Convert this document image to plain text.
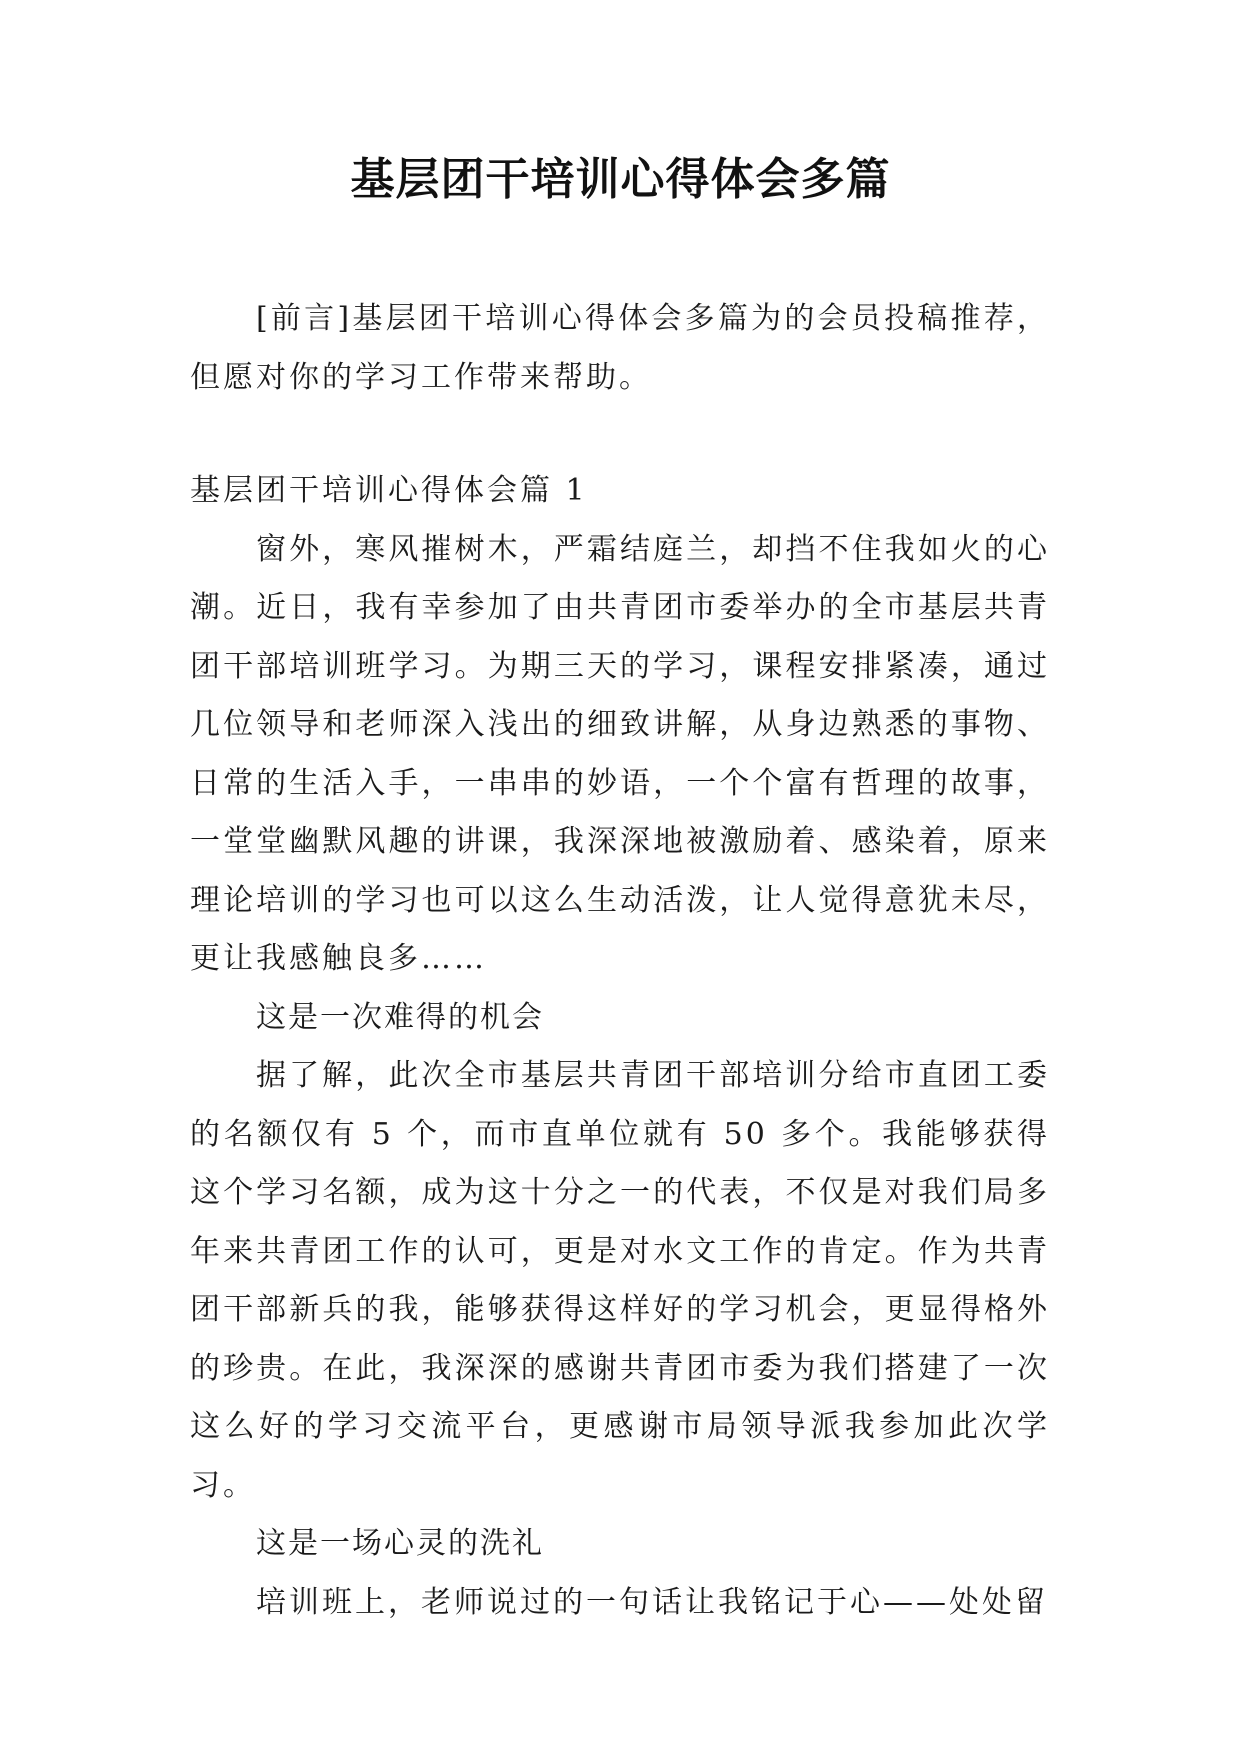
基层团干培训心得体会多篇

[前言]基层团干培训心得体会多篇为的会员投稿推荐，但愿对你的学习工作带来帮助。

基层团干培训心得体会篇 1

窗外，寒风摧树木，严霜结庭兰，却挡不住我如火的心潮。近日，我有幸参加了由共青团市委举办的全市基层共青团干部培训班学习。为期三天的学习，课程安排紧凑，通过几位领导和老师深入浅出的细致讲解，从身边熟悉的事物、日常的生活入手，一串串的妙语，一个个富有哲理的故事，一堂堂幽默风趣的讲课，我深深地被激励着、感染着，原来理论培训的学习也可以这么生动活泼，让人觉得意犹未尽，更让我感触良多……

这是一次难得的机会

据了解，此次全市基层共青团干部培训分给市直团工委的名额仅有 5 个，而市直单位就有 50 多个。我能够获得这个学习名额，成为这十分之一的代表，不仅是对我们局多年来共青团工作的认可，更是对水文工作的肯定。作为共青团干部新兵的我，能够获得这样好的学习机会，更显得格外的珍贵。在此，我深深的感谢共青团市委为我们搭建了一次这么好的学习交流平台，更感谢市局领导派我参加此次学习。

这是一场心灵的洗礼

培训班上，老师说过的一句话让我铭记于心——处处留
